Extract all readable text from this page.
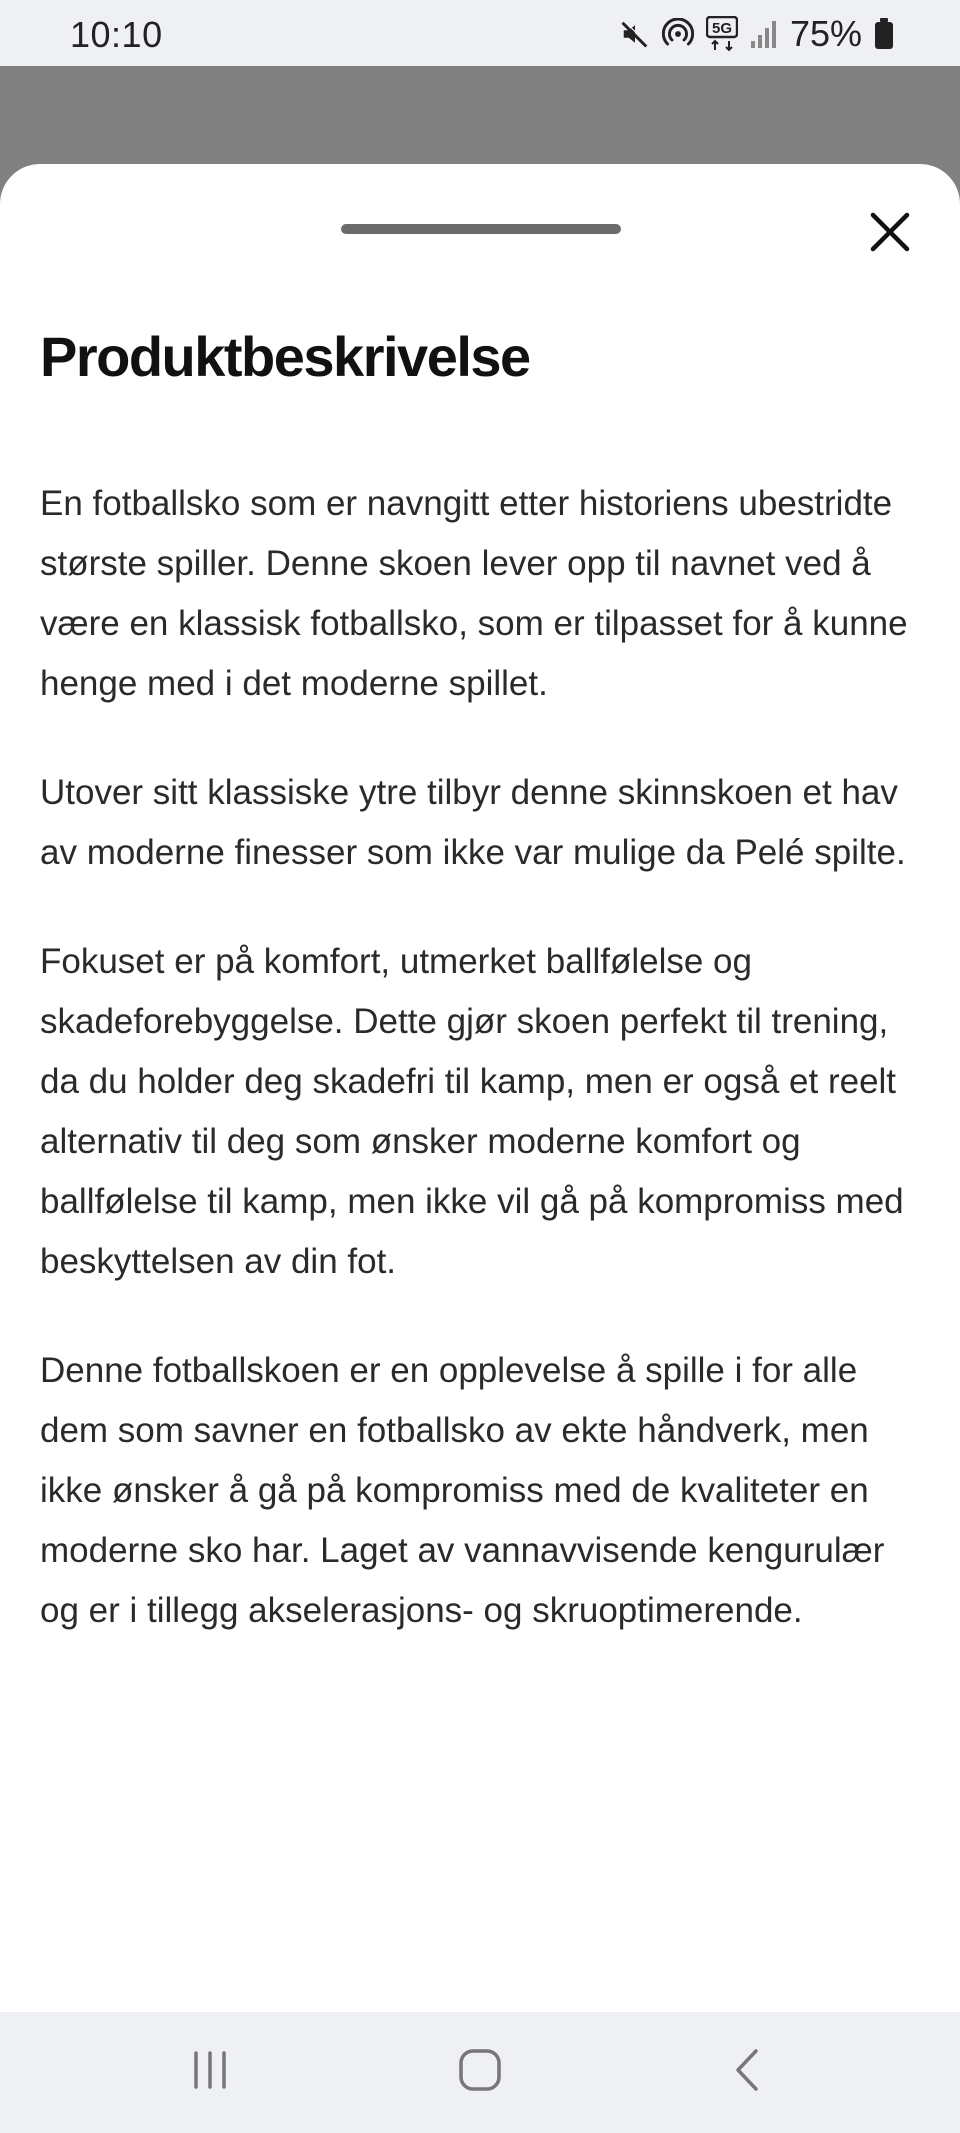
10:10	5G 75%
Produktbeskrivelse

En fotballsko som er navngitt etter historiens ubestridte største spiller. Denne skoen lever opp til navnet ved å være en klassisk fotballsko, som er tilpasset for å kunne henge med i det moderne spillet.

Utover sitt klassiske ytre tilbyr denne skinnskoen et hav av moderne finesser som ikke var mulige da Pelé spilte.

Fokuset er på komfort, utmerket ballfølelse og skadeforebyggelse. Dette gjør skoen perfekt til trening, da du holder deg skadefri til kamp, men er også et reelt alternativ til deg som ønsker moderne komfort og ballfølelse til kamp, men ikke vil gå på kompromiss med beskyttelsen av din fot.

Denne fotballskoen er en opplevelse å spille i for alle dem som savner en fotballsko av ekte håndverk, men ikke ønsker å gå på kompromiss med de kvaliteter en moderne sko har. Laget av vannavvisende kengurulær og er i tillegg akselerasjons- og skruoptimerende.
